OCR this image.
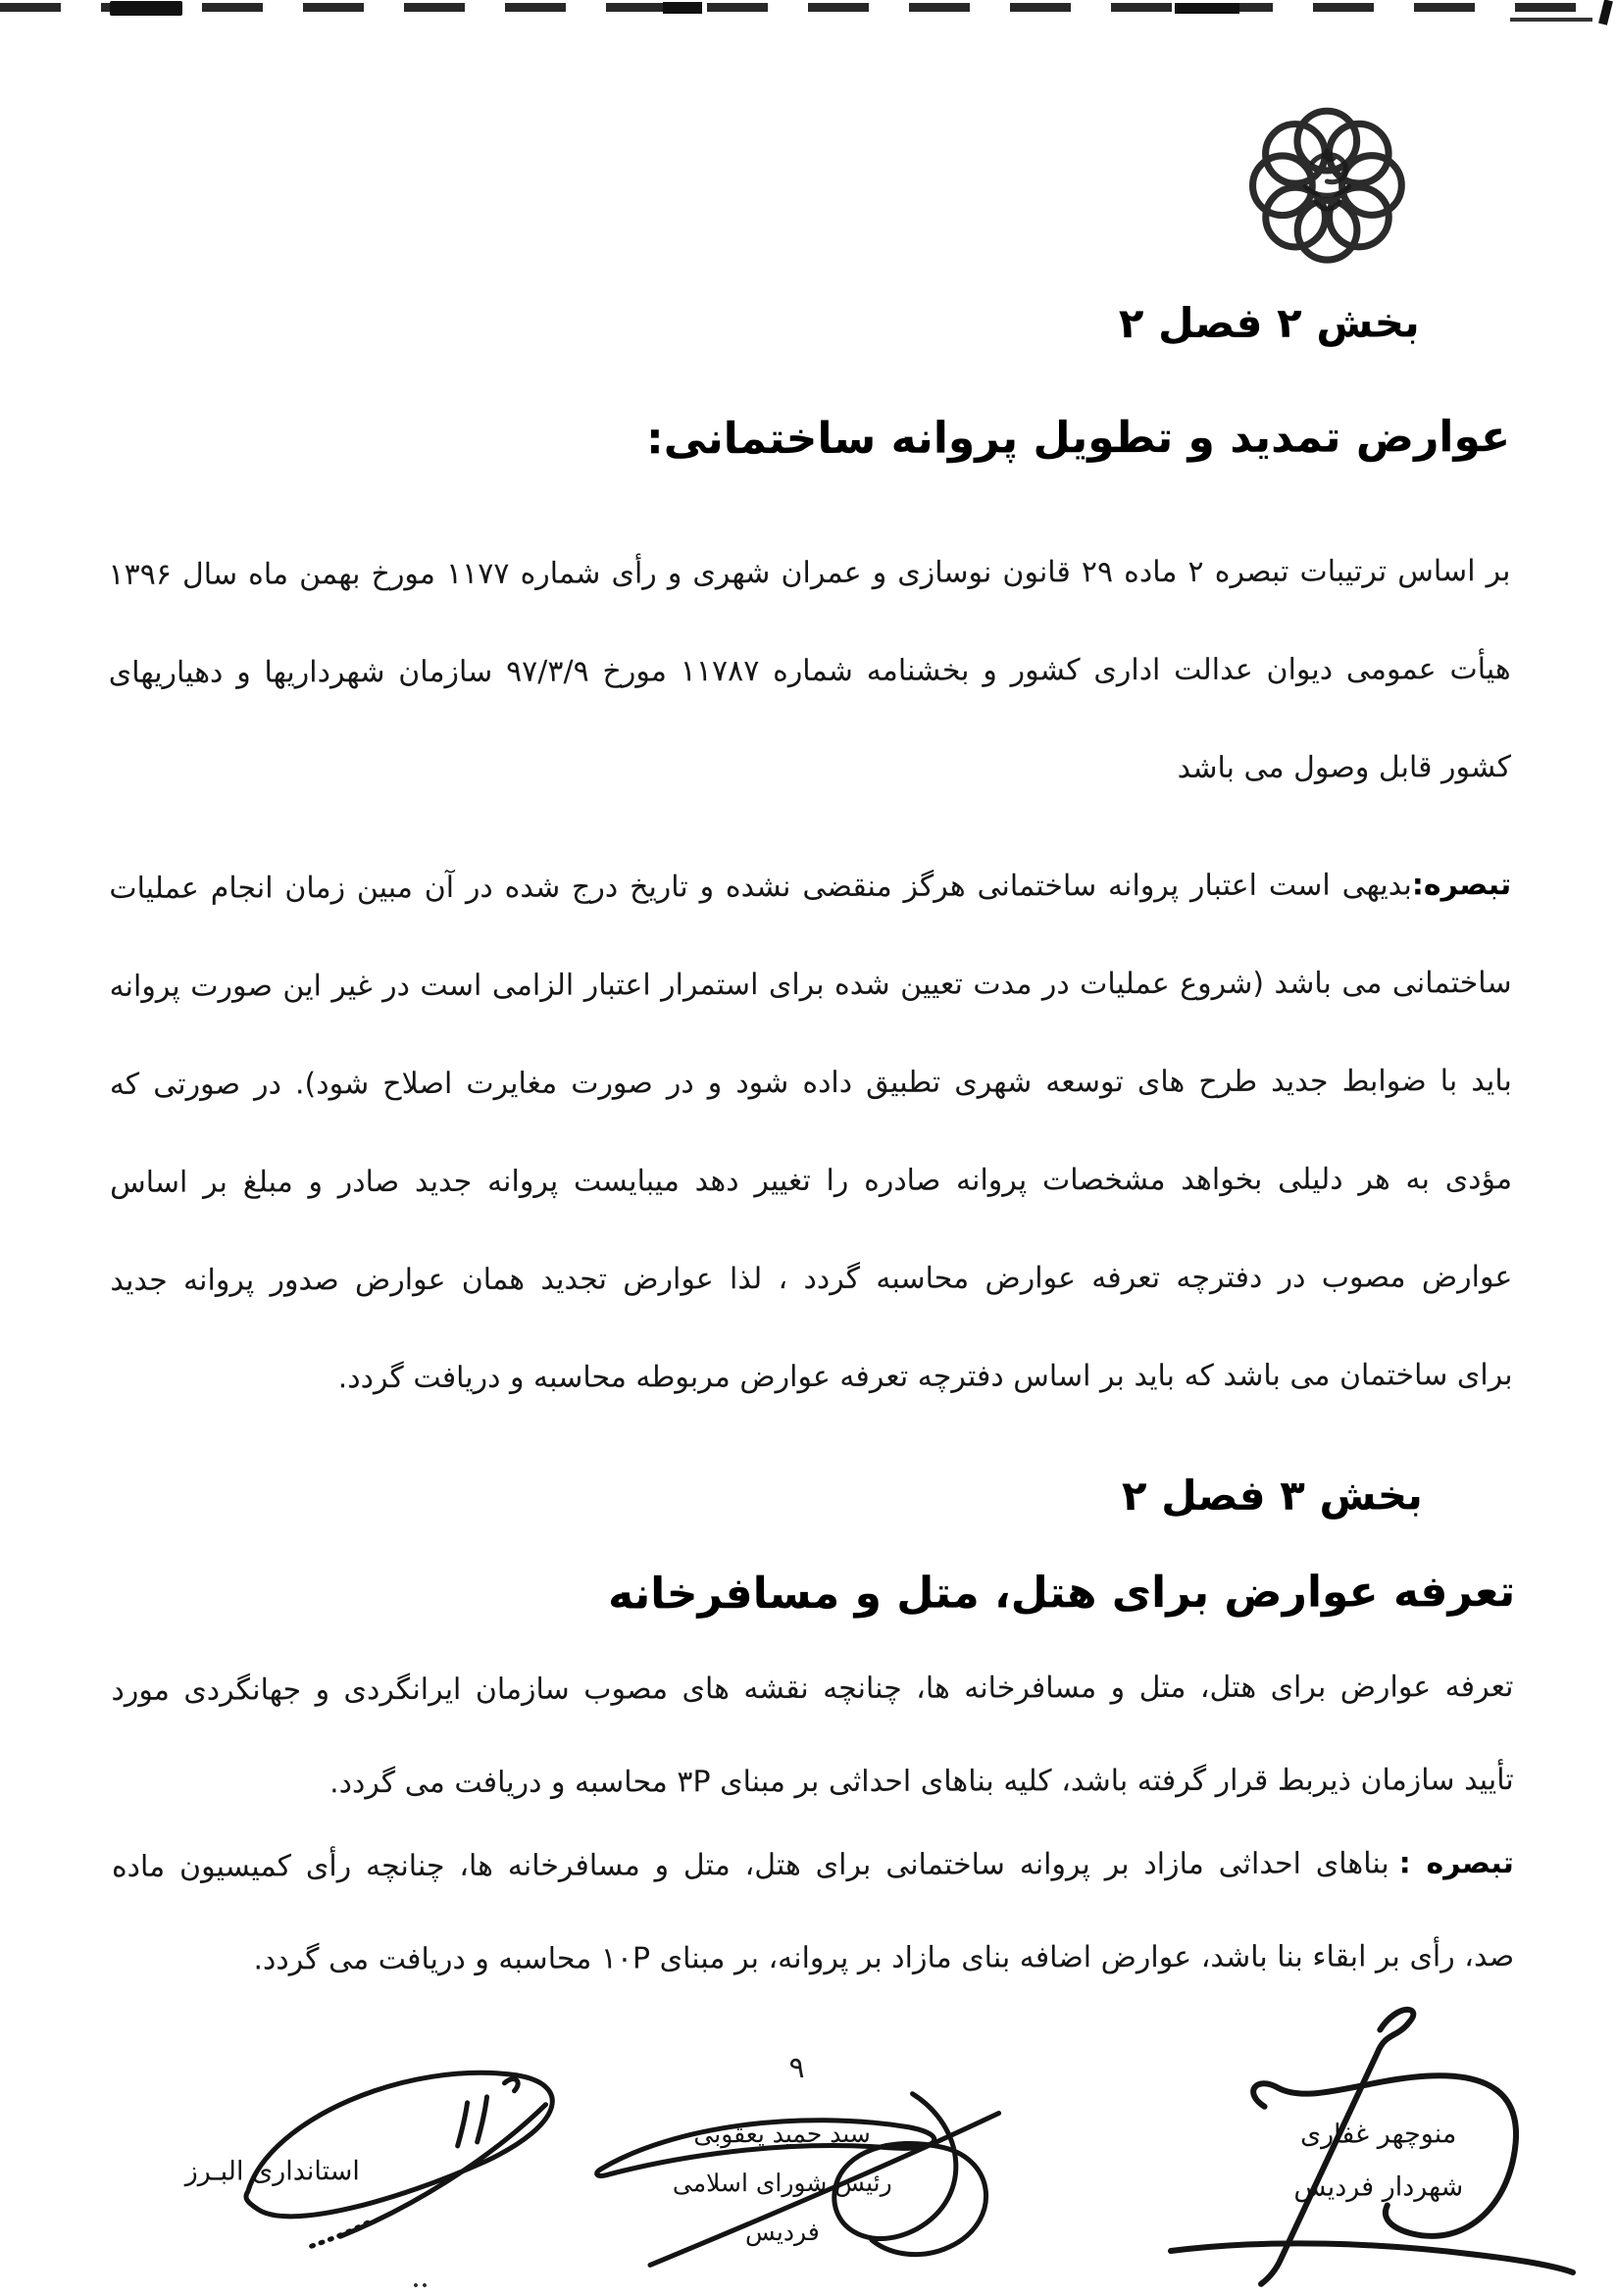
بخش ۲ فصل ۲
عوارض تمدید و تطویل پروانه ساختمانی:
بر اساس ترتیبات تبصره ۲ ماده ۲۹ قانون نوسازی و عمران شهری و رأی شماره ۱۱۷۷ مورخ بهمن ماه سال ۱۳۹۶
هیأت عمومی دیوان عدالت اداری کشور و بخشنامه شماره ۱۱۷۸۷ مورخ ۹۷/۳/۹ سازمان شهرداریها و دهیاریهای
کشور قابل وصول می باشد
تبصره:بدیهی است اعتبار پروانه ساختمانی هرگز منقضی نشده و تاریخ درج شده در آن مبین زمان انجام عملیات
ساختمانی می باشد (شروع عملیات در مدت تعیین شده برای استمرار اعتبار الزامی است در غیر این صورت پروانه
باید با ضوابط جدید طرح های توسعه شهری تطبیق داده شود و در صورت مغایرت اصلاح شود). در صورتی که
مؤدی به هر دلیلی بخواهد مشخصات پروانه صادره را تغییر دهد میبایست پروانه جدید صادر و مبلغ بر اساس
عوارض مصوب در دفترچه تعرفه عوارض محاسبه گردد ، لذا عوارض تجدید همان عوارض صدور پروانه جدید
برای ساختمان می باشد که باید بر اساس دفترچه تعرفه عوارض مربوطه محاسبه و دریافت گردد.
بخش ۳ فصل ۲
تعرفه عوارض برای هتل، متل و مسافرخانه
تعرفه عوارض برای هتل، متل و مسافرخانه ها، چنانچه نقشه های مصوب سازمان ایرانگردی و جهانگردی مورد
تأیید سازمان ذیربط قرار گرفته باشد، کلیه بناهای احداثی بر مبنای ۳P محاسبه و دریافت می گردد.
تبصره :بناهای احداثی مازاد بر پروانه ساختمانی برای هتل، متل و مسافرخانه ها، چنانچه رأی کمیسیون ماده
صد، رأی بر ابقاء بنا باشد، عوارض اضافه بنای مازاد بر پروانه، بر مبنای ۱۰P محاسبه و دریافت می گردد.
۹
منوچهر غفاری
شهردار فردیس
سید حمید یعقوبی
رئیس شورای اسلامی فردیس
استانداری البـرز
